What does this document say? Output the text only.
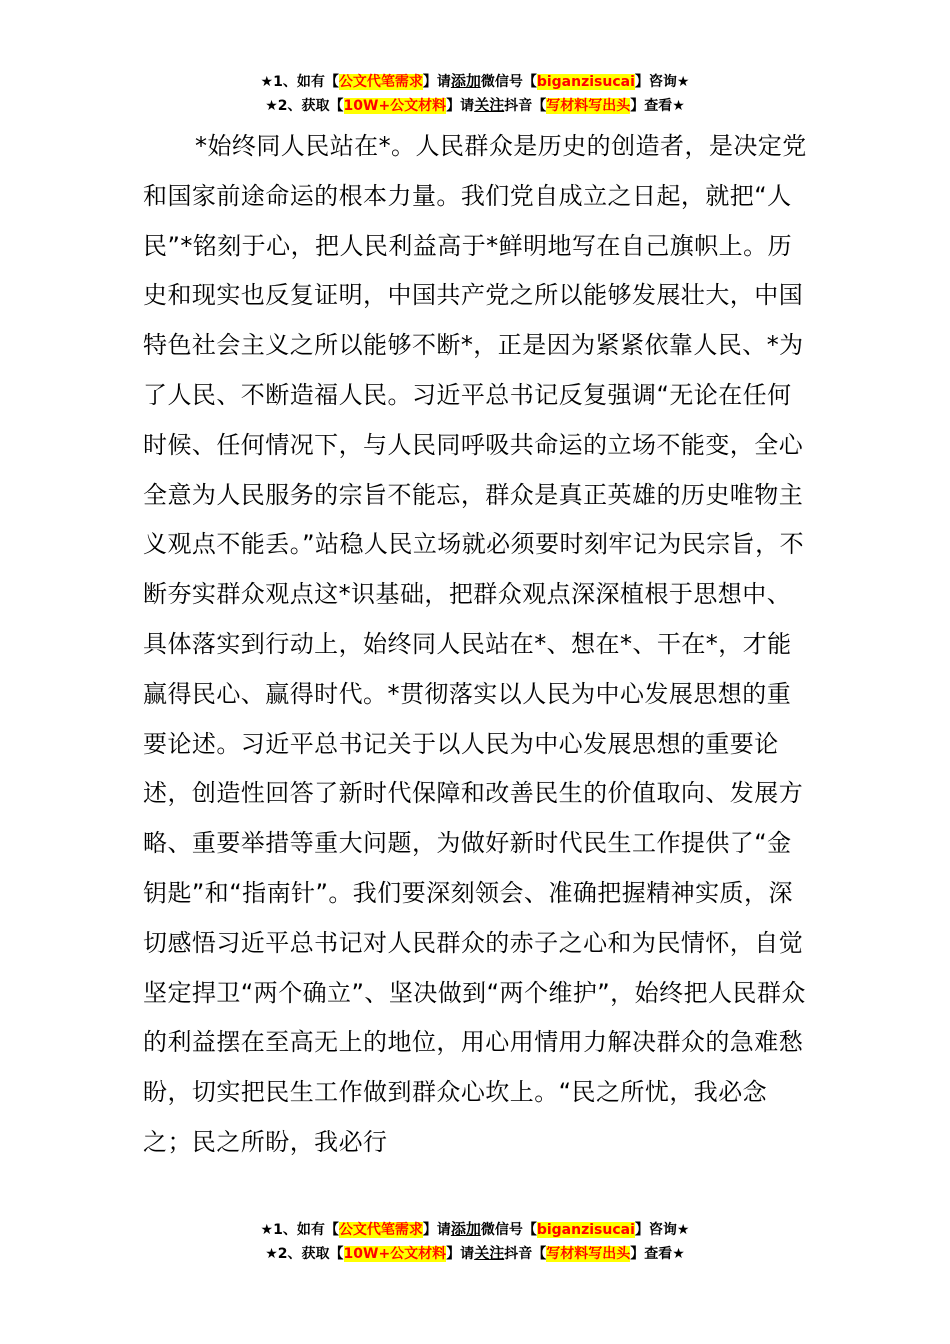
★1、如有【公文代笔需求】请添加微信号【biganzisucai】咨询★
★2、获取【10W+公文材料】请关注抖音【写材料写出头】查看★

*始终同人民站在*。人民群众是历史的创造者，是决定党和国家前途命运的根本力量。我们党自成立之日起，就把“人民”*铭刻于心，把人民利益高于*鲜明地写在自己旗帜上。历史和现实也反复证明，中国共产党之所以能够发展壮大，中国特色社会主义之所以能够不断*，正是因为紧紧依靠人民、*为了人民、不断造福人民。习近平总书记反复强调“无论在任何时候、任何情况下，与人民同呼吸共命运的立场不能变，全心全意为人民服务的宗旨不能忘，群众是真正英雄的历史唯物主义观点不能丢。”站稳人民立场就必须要时刻牢记为民宗旨，不断夯实群众观点这*识基础，把群众观点深深植根于思想中、具体落实到行动上，始终同人民站在*、想在*、干在*，才能赢得民心、赢得时代。*贯彻落实以人民为中心发展思想的重要论述。习近平总书记关于以人民为中心发展思想的重要论述，创造性回答了新时代保障和改善民生的价值取向、发展方略、重要举措等重大问题，为做好新时代民生工作提供了“金钥匙”和“指南针”。我们要深刻领会、准确把握精神实质，深切感悟习近平总书记对人民群众的赤子之心和为民情怀，自觉坚定捍卫“两个确立”、坚决做到“两个维护”，始终把人民群众的利益摆在至高无上的地位，用心用情用力解决群众的急难愁盼，切实把民生工作做到群众心坎上。“民之所忧，我必念之；民之所盼，我必行

★1、如有【公文代笔需求】请添加微信号【biganzisucai】咨询★
★2、获取【10W+公文材料】请关注抖音【写材料写出头】查看★
